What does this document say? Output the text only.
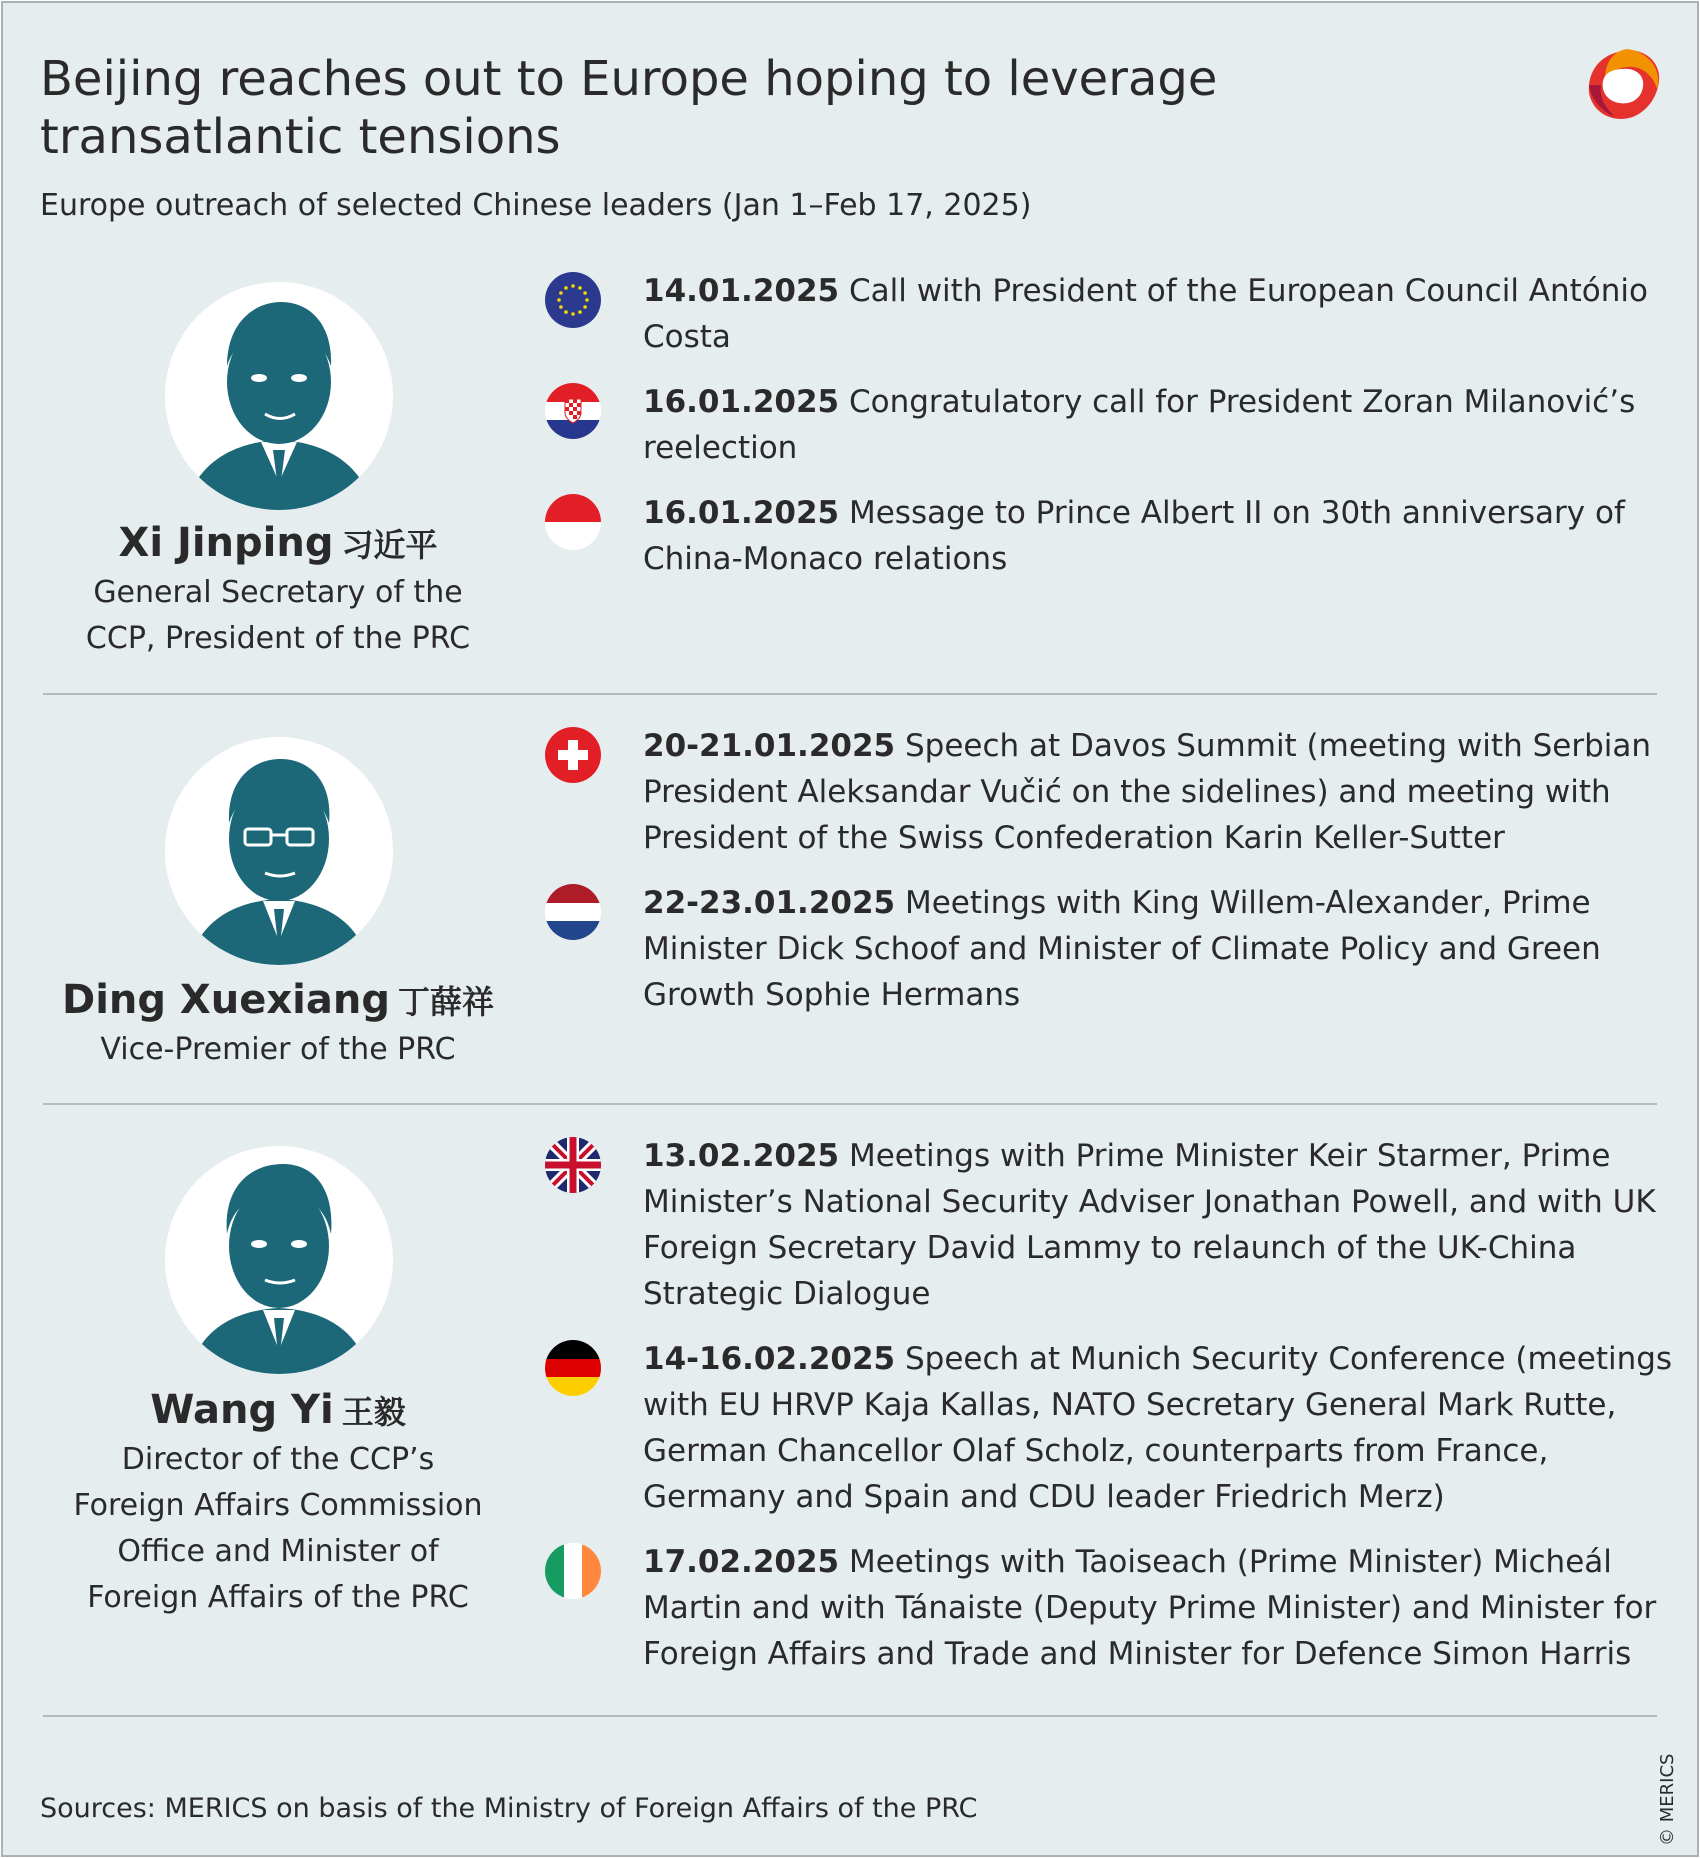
Beijing reaches out to Europe hoping to leverage transatlantic tensions
Europe outreach of selected Chinese leaders (Jan 1–Feb 17, 2025)
Xi Jinping 习近平
General Secretary of the CCP, President of the PRC
14.01.2025 Call with President of the European Council António Costa
16.01.2025 Congratulatory call for President Zoran Milanović’s reelection
16.01.2025 Message to Prince Albert II on 30th anniversary of China-Monaco relations
Ding Xuexiang 丁薛祥
Vice-Premier of the PRC
20-21.01.2025 Speech at Davos Summit (meeting with Serbian President Aleksandar Vučić on the sidelines) and meeting with President of the Swiss Confederation Karin Keller-Sutter
22-23.01.2025 Meetings with King Willem-Alexander, Prime Minister Dick Schoof and Minister of Climate Policy and Green Growth Sophie Hermans
Wang Yi 王毅
Director of the CCP’s Foreign Affairs Commission Office and Minister of Foreign Affairs of the PRC
13.02.2025 Meetings with Prime Minister Keir Starmer, Prime Minister’s National Security Adviser Jonathan Powell, and with UK Foreign Secretary David Lammy to relaunch of the UK-China Strategic Dialogue
14-16.02.2025 Speech at Munich Security Conference (meetings with EU HRVP Kaja Kallas, NATO Secretary General Mark Rutte, German Chancellor Olaf Scholz, counterparts from France, Germany and Spain and CDU leader Friedrich Merz)
17.02.2025 Meetings with Taoiseach (Prime Minister) Micheál Martin and with Tánaiste (Deputy Prime Minister) and Minister for Foreign Affairs and Trade and Minister for Defence Simon Harris
Sources: MERICS on basis of the Ministry of Foreign Affairs of the PRC	© MERICS
